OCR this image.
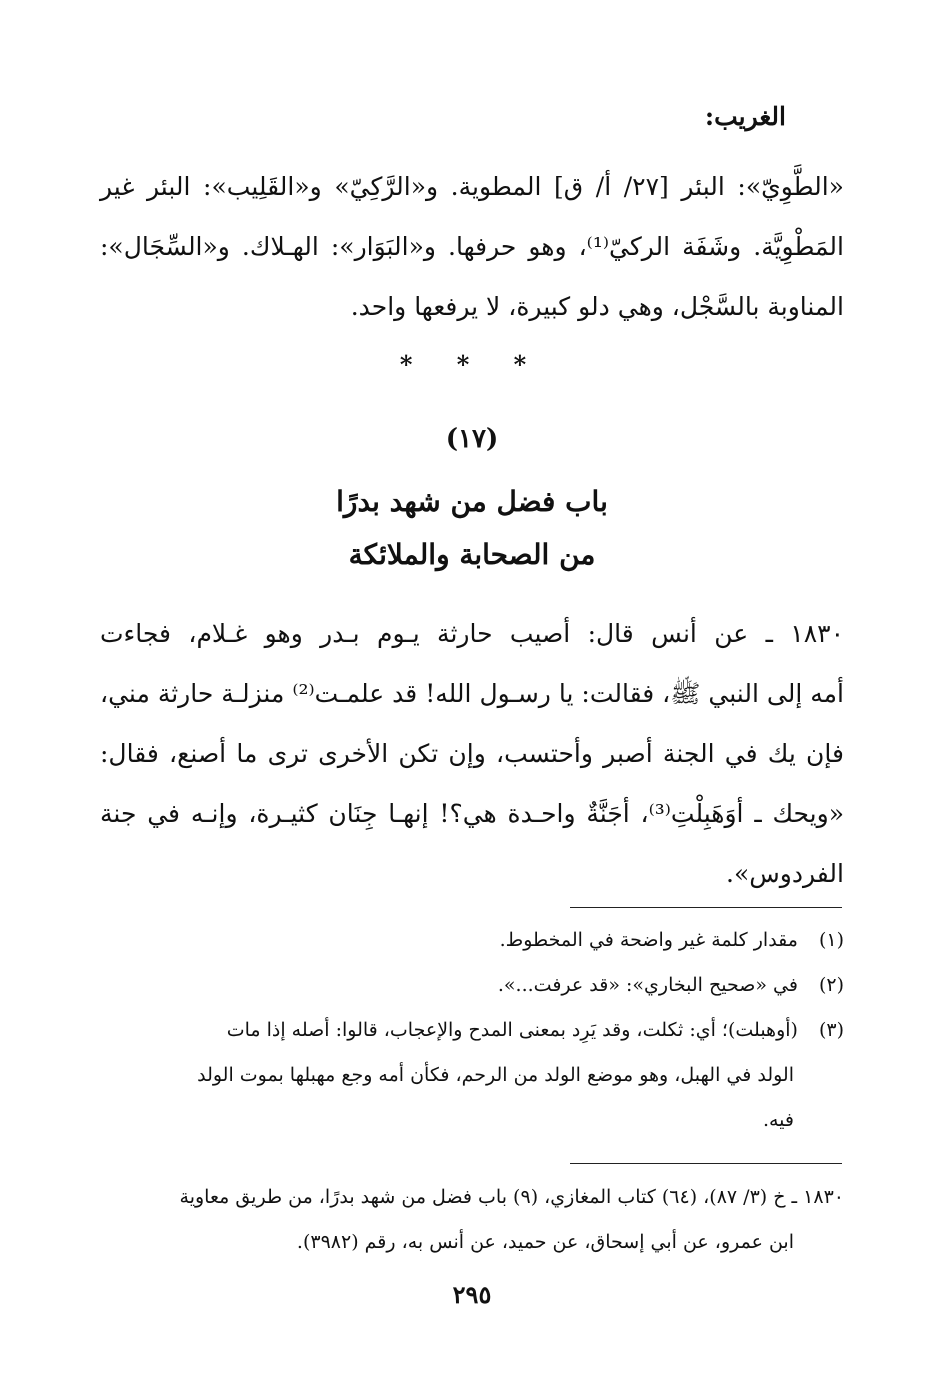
الغريب:
«الطَّوِيّ»: البئر [٢٧/ أ/ ق] المطوية. و«الرَّكِيّ» و«القَلِيب»: البئر غير
المَطْوِيَّة. وشَفَة الركيّ⁽¹⁾، وهو حرفها. و«البَوَار»: الهـلاك. و«السِّجَال»:
المناوبة بالسَّجْل، وهي دلو كبيرة، لا يرفعها واحد.
* * *
(١٧)
باب فضل من شهد بدرًا
من الصحابة والملائكة
١٨٣٠ ـ عن أنس قال: أصيب حارثة يـوم بـدر وهو غـلام، فجاءت
أمه إلى النبي ﷺ، فقالت: يا رسـول الله! قد علمـت⁽²⁾ منزلـة حارثة مني،
فإن يك في الجنة أصبر وأحتسب، وإن تكن الأخرى ترى ما أصنع، فقال:
«ويحك ـ أوَهَبِلْتِ⁽³⁾، أجَنَّةٌ واحـدة هي؟! إنهـا جِنَان كثيـرة، وإنـه في جنة
الفردوس».
(١) مقدار كلمة غير واضحة في المخطوط.
(٢) في «صحيح البخاري»: «قد عرفت...».
(٣) (أوهبلت)؛ أي: ثكلت، وقد يَرِد بمعنى المدح والإعجاب، قالوا: أصله إذا مات
الولد في الهبل، وهو موضع الولد من الرحم، فكأن أمه وجع مهبلها بموت الولد
فيه.
١٨٣٠ ـ خ (٣/ ٨٧)، (٦٤) كتاب المغازي، (٩) باب فضل من شهد بدرًا، من طريق معاوية
ابن عمرو، عن أبي إسحاق، عن حميد، عن أنس به، رقم (٣٩٨٢).
٢٩٥
